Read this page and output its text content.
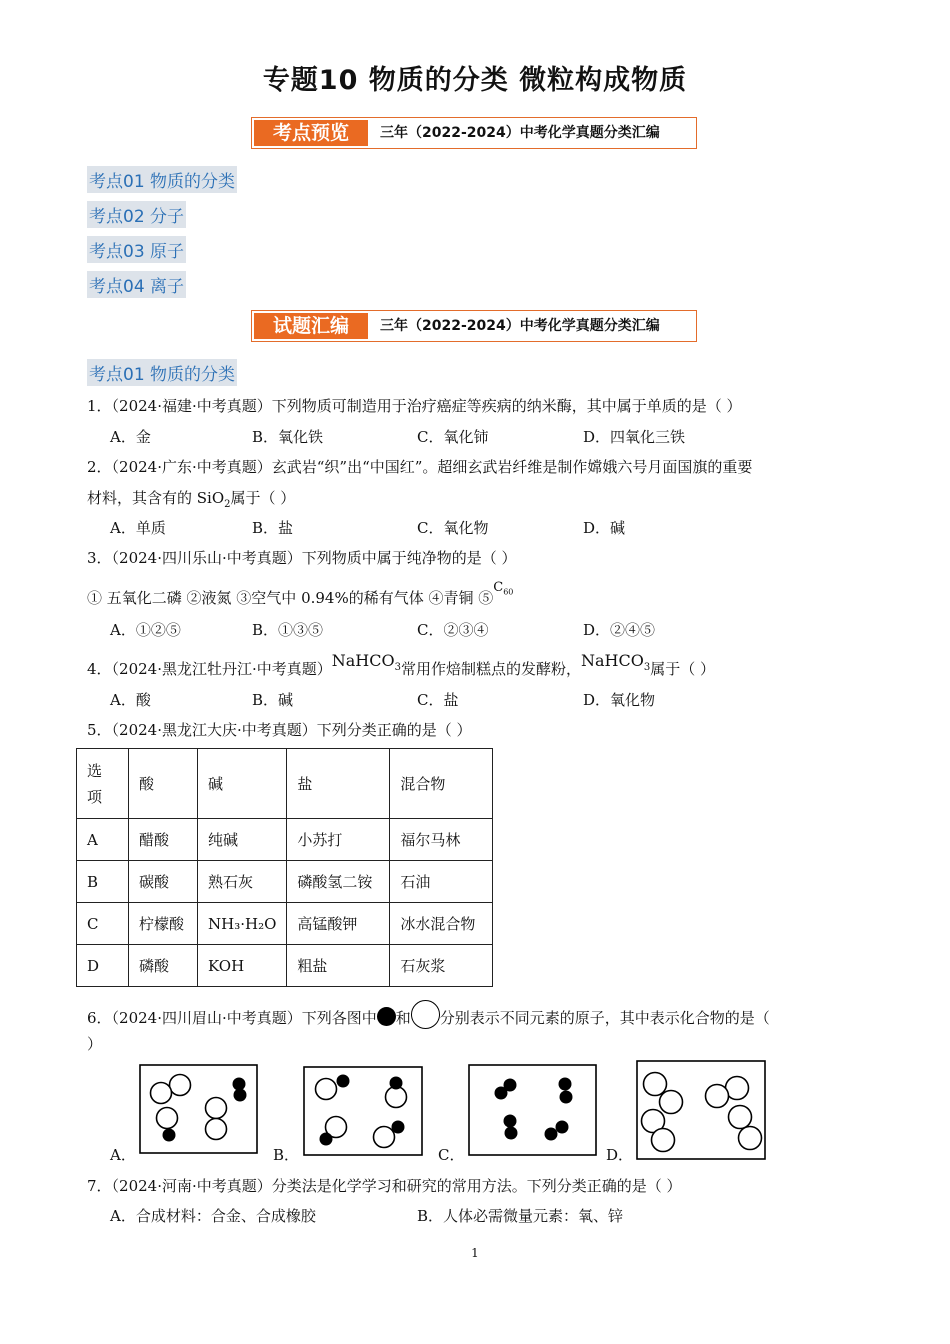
专题10 物质的分类 微粒构成物质
考点预览	三年（2022-2024）中考化学真题分类汇编
考点01 物质的分类
考点02 分子
考点03 原子
考点04 离子
试题汇编	三年（2022-2024）中考化学真题分类汇编
考点01 物质的分类
1．（2024·福建·中考真题）下列物质可制造用于治疗癌症等疾病的纳米酶，其中属于单质的是（ ）
A．金	B．氧化铁	C．氧化铈	D．四氧化三铁
2．（2024·广东·中考真题）玄武岩“织”出“中国红”。超细玄武岩纤维是制作嫦娥六号月面国旗的重要
材料，其含有的 SiO$_2$属于（ ）
A．单质	B．盐	C．氧化物	D．碱
3．（2024·四川乐山·中考真题）下列物质中属于纯净物的是（ ）
① 五氧化二磷 ②液氮 ③空气中 0.94%的稀有气体 ④青铜 $⑤C_{60}$
A．①②⑤	B．①③⑤	C．②③④	D．②④⑤
4．（2024·黑龙江牡丹江·中考真题）NaHCO$_3$常用作焙制糕点的发酵粉，NaHCO$_3$属于（ ）
A．酸	B．碱	C．盐	D．氧化物
5．（2024·黑龙江大庆·中考真题）下列分类正确的是（ ）
选项	酸	碱	盐	混合物
A	醋酸	纯碱	小苏打	福尔马林
B	碳酸	熟石灰	磷酸氢二铵	石油
C	柠檬酸	NH₃·H₂O	高锰酸钾	冰水混合物
D	磷酸	KOH	粗盐	石灰浆
6．（2024·四川眉山·中考真题）下列各图中 和 分别表示不同元素的原子，其中表示化合物的是（
）
A．	B．	C．	D．
7．（2024·河南·中考真题）分类法是化学学习和研究的常用方法。下列分类正确的是（ ）
A．合成材料：合金、合成橡胶	B．人体必需微量元素：氧、锌
1
